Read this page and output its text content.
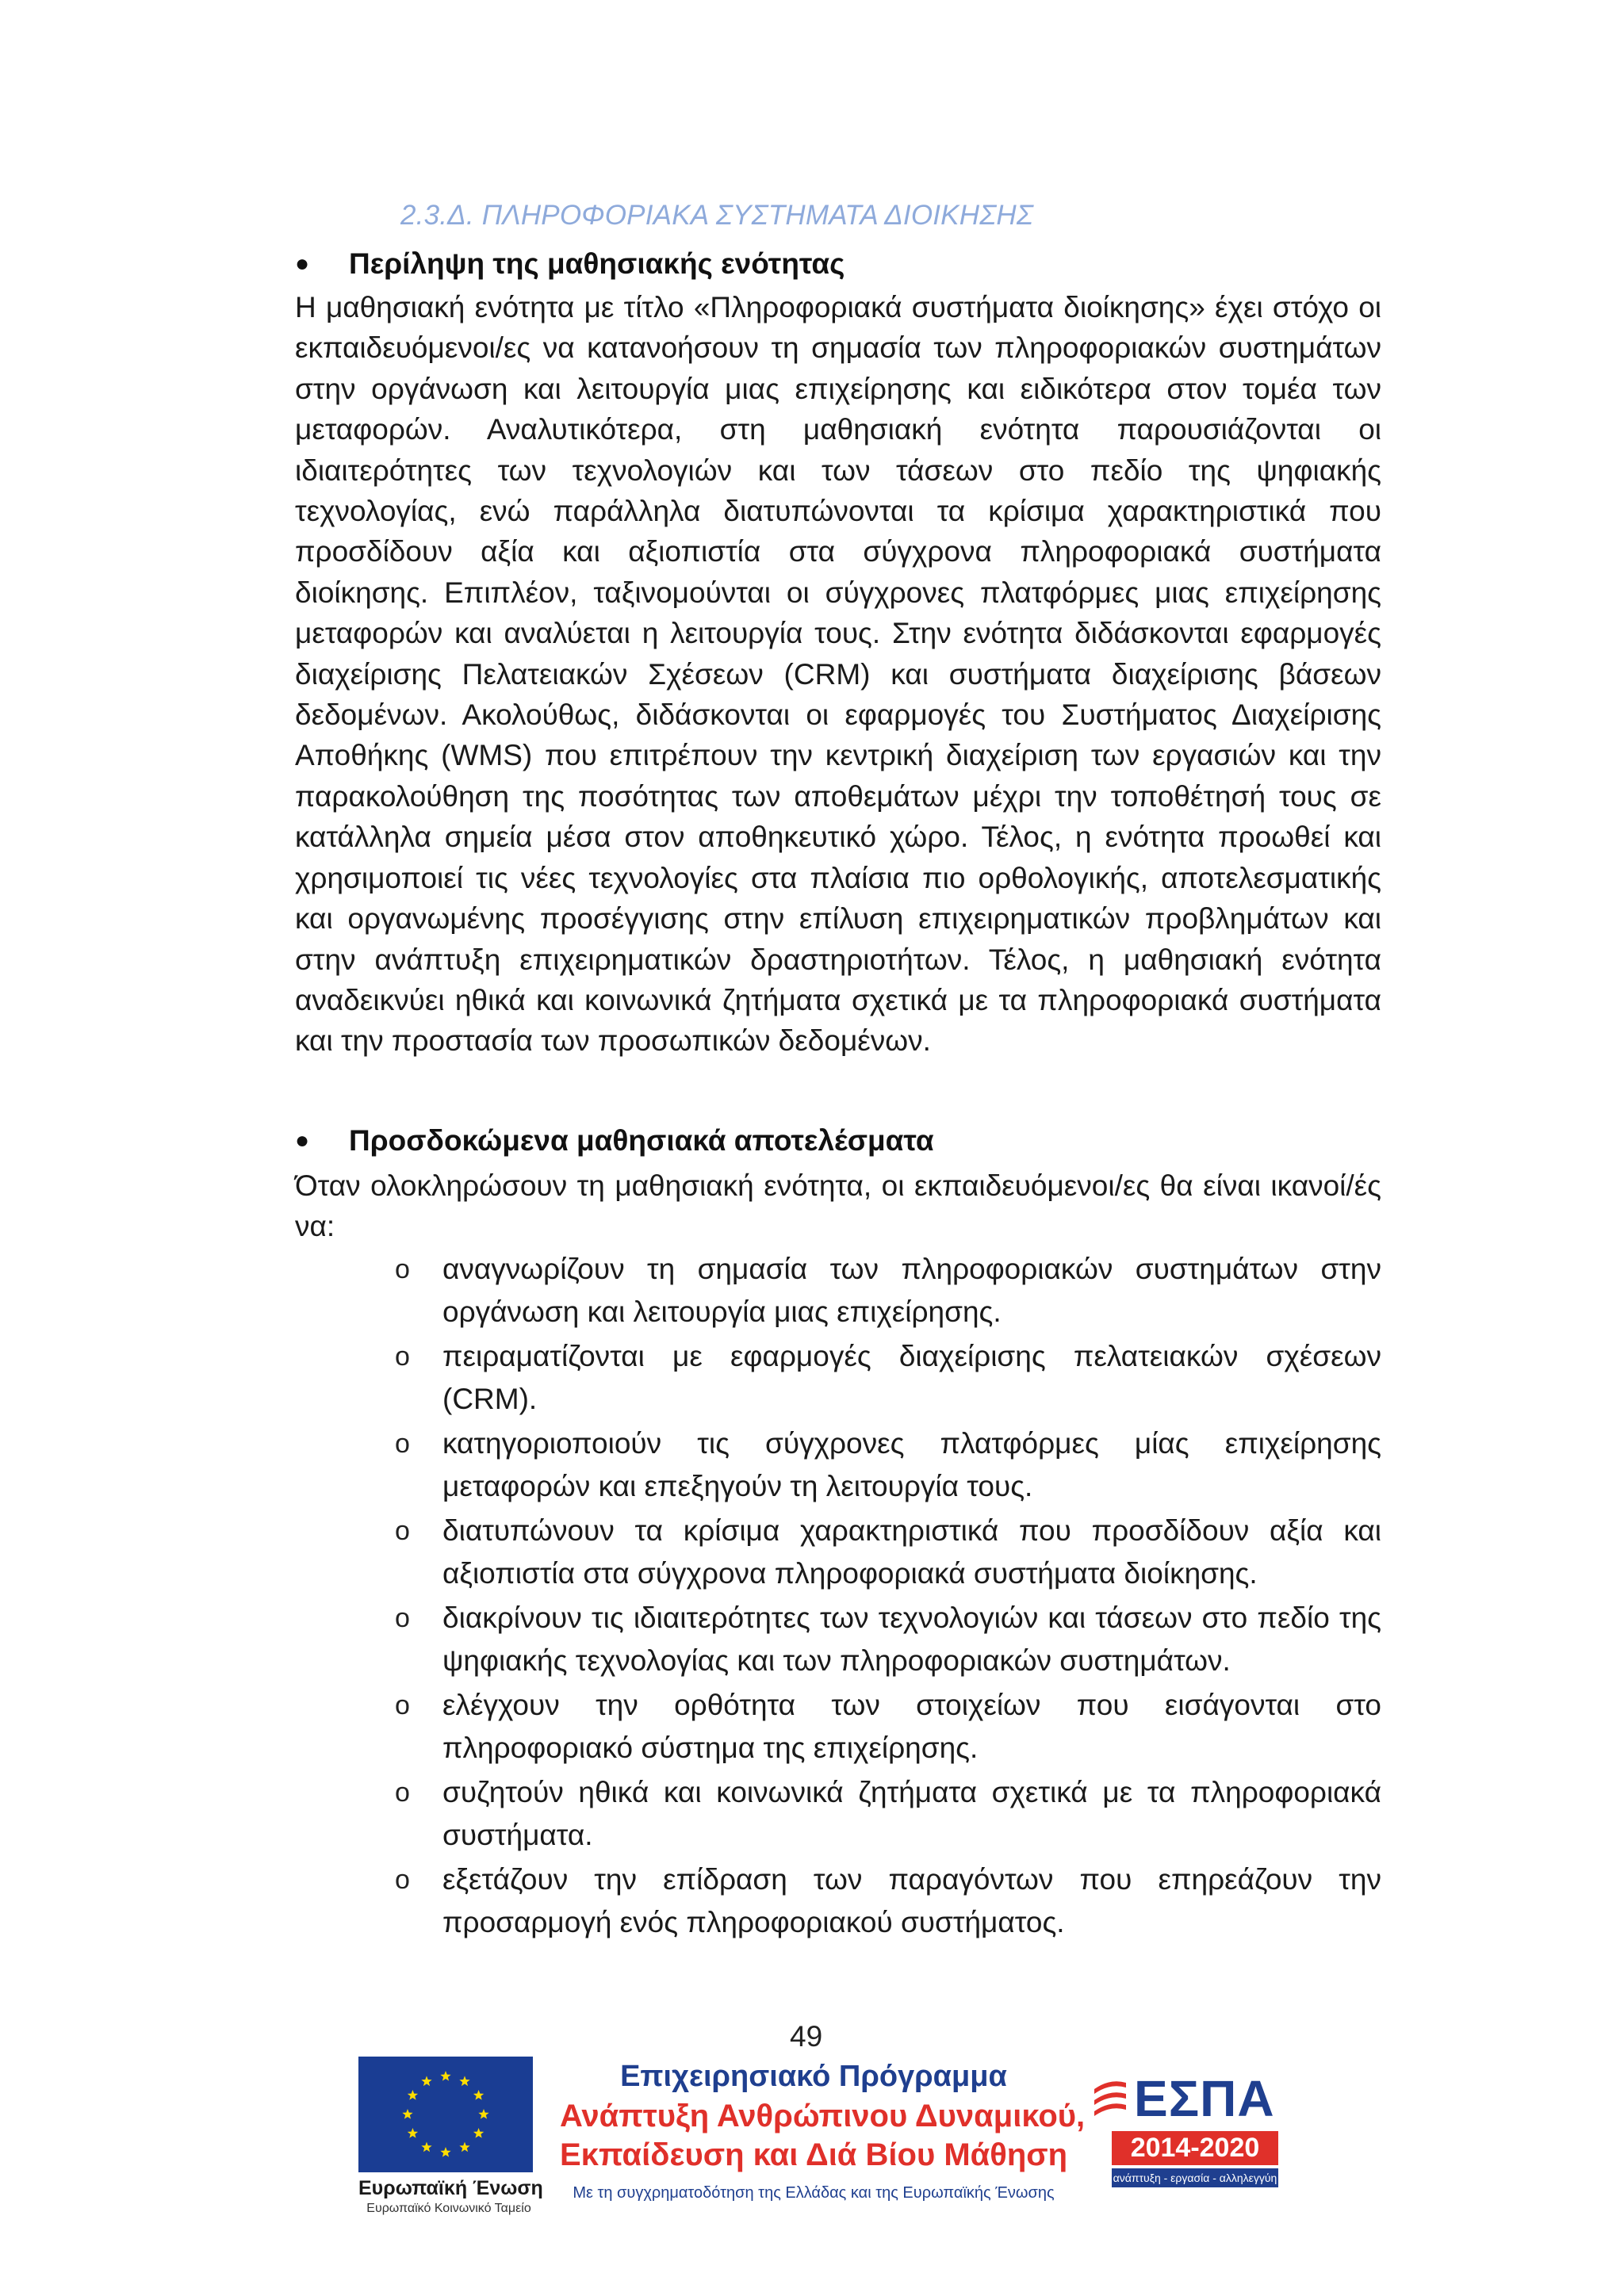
2.3.Δ. ΠΛΗΡΟΦΟΡΙΑΚΑ ΣΥΣΤΗΜΑΤΑ ΔΙΟΙΚΗΣΗΣ
●	Περίληψη της μαθησιακής ενότητας
Η μαθησιακή ενότητα με τίτλο «Πληροφοριακά συστήματα διοίκησης» έχει στόχο οι εκπαιδευόμενοι/ες να κατανοήσουν τη σημασία των πληροφοριακών συστημάτων στην οργάνωση και λειτουργία μιας επιχείρησης και ειδικότερα στον τομέα των μεταφορών. Αναλυτικότερα, στη μαθησιακή ενότητα παρουσιάζονται οι ιδιαιτερότητες των τεχνολογιών και των τάσεων στο πεδίο της ψηφιακής τεχνολογίας, ενώ παράλληλα διατυπώνονται τα κρίσιμα χαρακτηριστικά που προσδίδουν αξία και αξιοπιστία στα σύγχρονα πληροφοριακά συστήματα διοίκησης. Επιπλέον, ταξινομούνται οι σύγχρονες πλατφόρμες μιας επιχείρησης μεταφορών και αναλύεται η λειτουργία τους. Στην ενότητα διδάσκονται εφαρμογές διαχείρισης Πελατειακών Σχέσεων (CRM) και συστήματα διαχείρισης βάσεων δεδομένων. Ακολούθως, διδάσκονται οι εφαρμογές του Συστήματος Διαχείρισης Αποθήκης (WMS) που επιτρέπουν την κεντρική διαχείριση των εργασιών και την παρακολούθηση της ποσότητας των αποθεμάτων μέχρι την τοποθέτησή τους σε κατάλληλα σημεία μέσα στον αποθηκευτικό χώρο. Τέλος, η ενότητα προωθεί και χρησιμοποιεί τις νέες τεχνολογίες στα πλαίσια πιο ορθολογικής, αποτελεσματικής και οργανωμένης προσέγγισης στην επίλυση επιχειρηματικών προβλημάτων και στην ανάπτυξη επιχειρηματικών δραστηριοτήτων. Τέλος, η μαθησιακή ενότητα αναδεικνύει ηθικά και κοινωνικά ζητήματα σχετικά με τα πληροφοριακά συστήματα και την προστασία των προσωπικών δεδομένων.
●	Προσδοκώμενα μαθησιακά αποτελέσματα
Όταν ολοκληρώσουν τη μαθησιακή ενότητα, οι εκπαιδευόμενοι/ες θα είναι ικανοί/ές να:
o αναγνωρίζουν τη σημασία των πληροφοριακών συστημάτων στην οργάνωση και λειτουργία μιας επιχείρησης.
o πειραματίζονται με εφαρμογές διαχείρισης πελατειακών σχέσεων (CRM).
o κατηγοριοποιούν τις σύγχρονες πλατφόρμες μίας επιχείρησης μεταφορών και επεξηγούν τη λειτουργία τους.
o διατυπώνουν τα κρίσιμα χαρακτηριστικά που προσδίδουν αξία και αξιοπιστία στα σύγχρονα πληροφοριακά συστήματα διοίκησης.
o διακρίνουν τις ιδιαιτερότητες των τεχνολογιών και τάσεων στο πεδίο της ψηφιακής τεχνολογίας και των πληροφοριακών συστημάτων.
o ελέγχουν την ορθότητα των στοιχείων που εισάγονται στο πληροφοριακό σύστημα της επιχείρησης.
o συζητούν ηθικά και κοινωνικά ζητήματα σχετικά με τα πληροφοριακά συστήματα.
o εξετάζουν την επίδραση των παραγόντων που επηρεάζουν την προσαρμογή ενός πληροφοριακού συστήματος.
49
Ευρωπαϊκή Ένωση
Ευρωπαϊκό Κοινωνικό Ταμείο
Επιχειρησιακό Πρόγραμμα
Ανάπτυξη Ανθρώπινου Δυναμικού,
Εκπαίδευση και Διά Βίου Μάθηση
Με τη συγχρηματοδότηση της Ελλάδας και της Ευρωπαϊκής Ένωσης
ΕΣΠΑ
2014-2020
ανάπτυξη - εργασία - αλληλεγγύη
